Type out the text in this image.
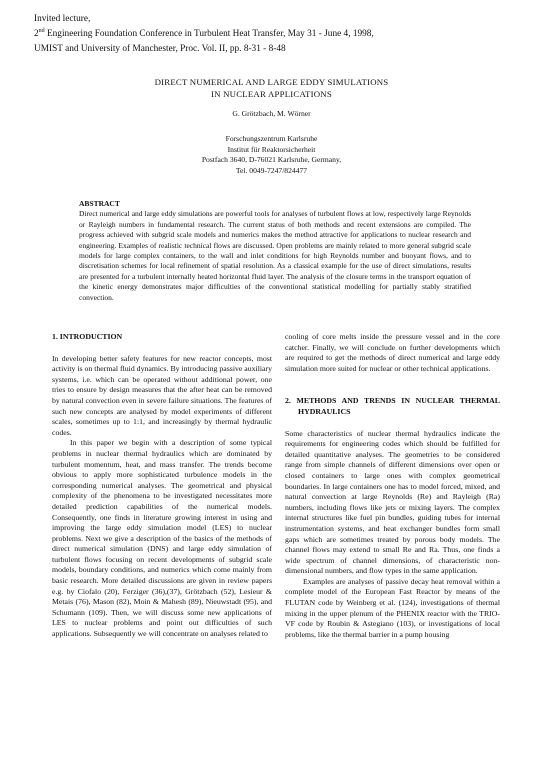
Invited lecture,
2nd Engineering Foundation Conference in Turbulent Heat Transfer, May 31 - June 4, 1998,
UMIST and University of Manchester, Proc. Vol. II, pp. 8-31 - 8-48
DIRECT NUMERICAL AND LARGE EDDY SIMULATIONS
IN NUCLEAR APPLICATIONS
G. Grötzbach, M. Wörner
Forschungszentrum Karlsruhe
Institut für Reaktorsicherheit
Postfach 3640, D-76021 Karlsruhe, Germany,
Tel. 0049-7247/824477
ABSTRACT
Direct numerical and large eddy simulations are powerful tools for analyses of turbulent flows at low, respectively large Reynolds or Rayleigh numbers in fundamental research. The current status of both methods and recent extensions are compiled. The progress achieved with subgrid scale models and numerics makes the method attractive for applications to nuclear research and engineering. Examples of realistic technical flows are discussed. Open problems are mainly related to more general subgrid scale models for large complex containers, to the wall and inlet conditions for high Reynolds number and buoyant flows, and to discretisation schemes for local refinement of spatial resolution. As a classical example for the use of direct simulations, results are presented for a turbulent internally heated horizontal fluid layer. The analysis of the closure terms in the transport equation of the kinetic energy demonstrates major difficulties of the conventional statistical modelling for partially stably stratified convection.
1. INTRODUCTION

In developing better safety features for new reactor concepts, most activity is on thermal fluid dynamics. By introducing passive auxiliary systems, i.e. which can be operated without additional power, one tries to ensure by design measures that the after heat can be removed by natural convection even in severe failure situations. The features of such new concepts are analysed by model experiments of different scales, sometimes up to 1:1, and increasingly by thermal hydraulic codes.

In this paper we begin with a description of some typical problems in nuclear thermal hydraulics which are dominated by turbulent momentum, heat, and mass transfer. The trends become obvious to apply more sophisticated turbulence models in the corresponding numerical analyses. The geometrical and physical complexity of the phenomena to be investigated necessitates more detailed prediction capabilities of the numerical models. Consequently, one finds in literature growing interest in using and improving the large eddy simulation model (LES) to nuclear problems. Next we give a description of the basics of the methods of direct numerical simulation (DNS) and large eddy simulation of turbulent flows focusing on recent developments of subgrid scale models, boundary conditions, and numerics which come mainly from basic research. More detailed discussions are given in review papers e.g. by Ciofalo (20), Ferziger (36),(37), Grötzbach (52), Lesieur & Metais (76), Mason (82), Moin & Mahesh (89), Nieuwstadt (95), and Schumann (109). Then, we will discuss some new applications of LES to nuclear problems and point out difficulties of such applications. Subsequently we will concentrate on analyses related to

cooling of core melts inside the pressure vessel and in the core catcher. Finally, we will conclude on further developments which are required to get the methods of direct numerical and large eddy simulation more suited for nuclear or other technical applications.

2. METHODS AND TRENDS IN NUCLEAR THERMAL HYDRAULICS

Some characteristics of nuclear thermal hydraulics indicate the requirements for engineering codes which should be fulfilled for detailed quantitative analyses. The geometries to be considered range from simple channels of different dimensions over open or closed containers to large ones with complex geometrical boundaries. In large containers one has to model forced, mixed, and natural convection at large Reynolds (Re) and Rayleigh (Ra) numbers, including flows like jets or mixing layers. The complex internal structures like fuel pin bundles, guiding tubes for internal instrumentation systems, and heat exchanger bundles form small gaps which are sometimes treated by porous body models. The channel flows may extend to small Re and Ra. Thus, one finds a wide spectrum of channel dimensions, of characteristic non-dimensional numbers, and flow types in the same application.

Examples are analyses of passive decay heat removal within a complete model of the European Fast Reactor by means of the FLUTAN code by Weinberg et al. (124), investigations of thermal mixing in the upper plenum of the PHENIX reactor with the TRIO-VF code by Roubin & Astegiano (103), or investigations of local problems, like the thermal barrier in a pump housing
